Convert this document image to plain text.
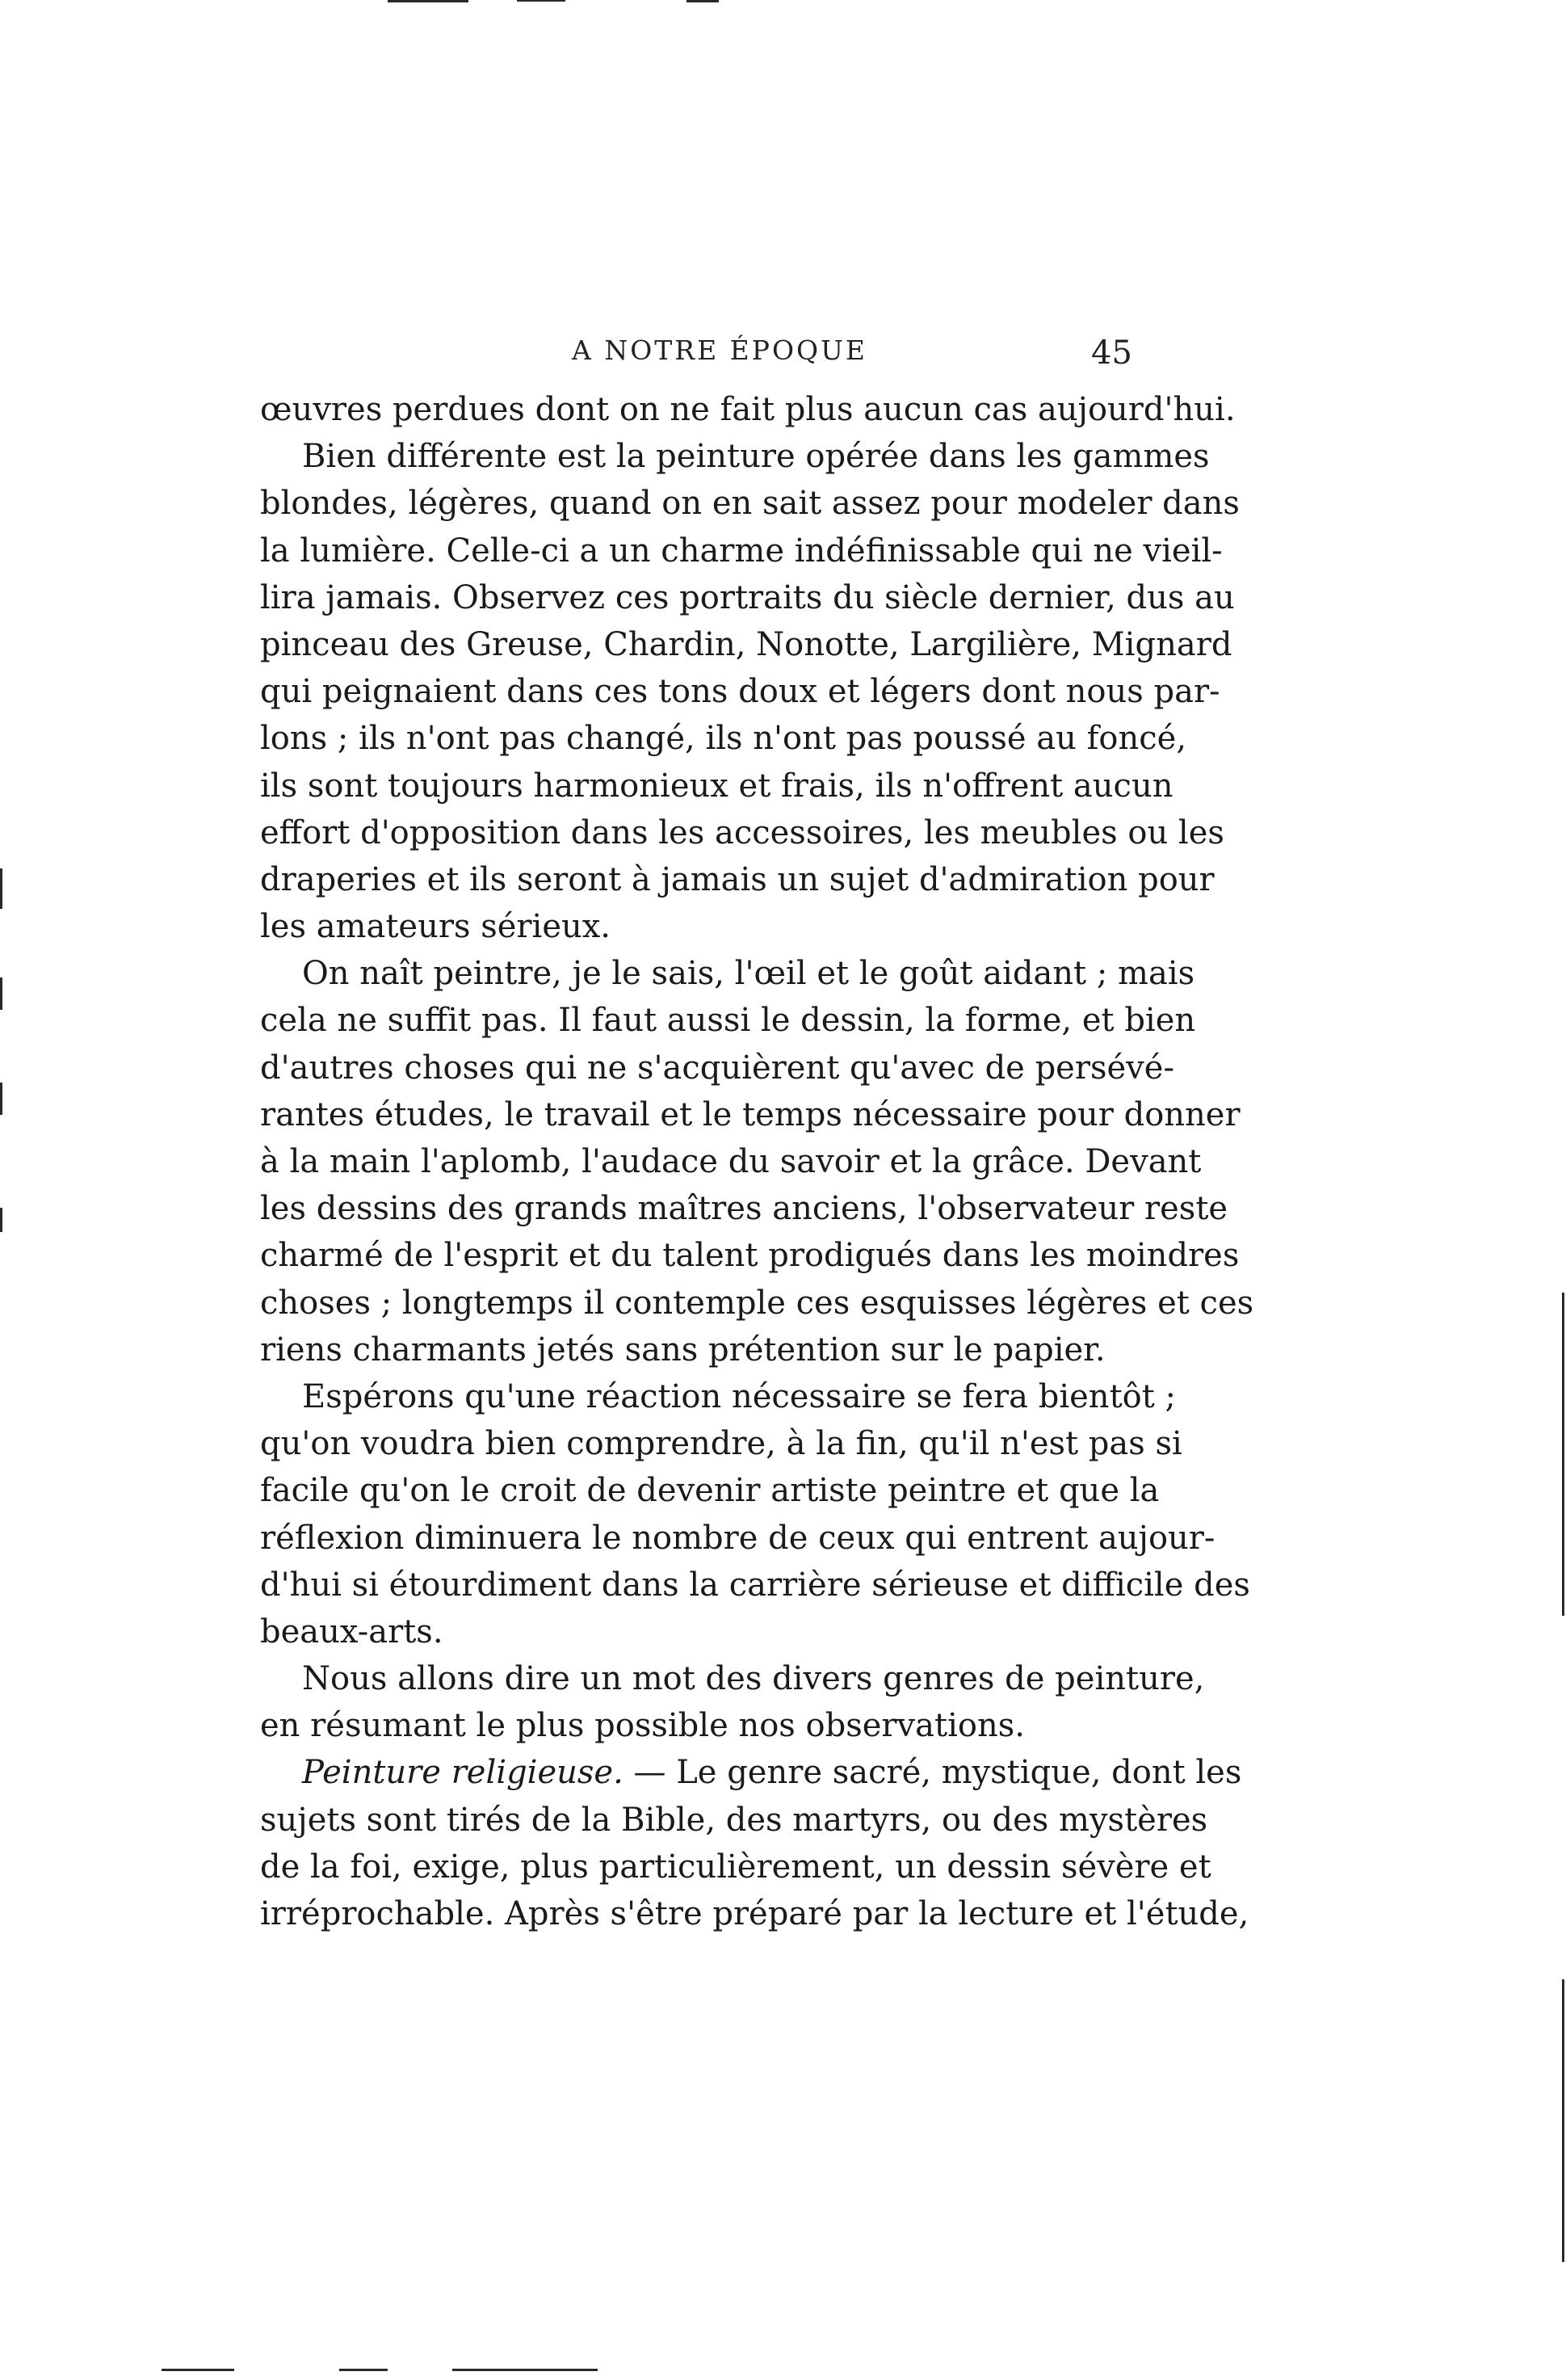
A NOTRE ÉPOQUE	45
œuvres perdues dont on ne fait plus aucun cas aujourd'hui.
Bien différente est la peinture opérée dans les gammes
blondes, légères, quand on en sait assez pour modeler dans
la lumière. Celle-ci a un charme indéfinissable qui ne vieil-
lira jamais. Observez ces portraits du siècle dernier, dus au
pinceau des Greuse, Chardin, Nonotte, Largilière, Mignard
qui peignaient dans ces tons doux et légers dont nous par-
lons ; ils n'ont pas changé, ils n'ont pas poussé au foncé,
ils sont toujours harmonieux et frais, ils n'offrent aucun
effort d'opposition dans les accessoires, les meubles ou les
draperies et ils seront à jamais un sujet d'admiration pour
les amateurs sérieux.
On naît peintre, je le sais, l'œil et le goût aidant ; mais
cela ne suffit pas. Il faut aussi le dessin, la forme, et bien
d'autres choses qui ne s'acquièrent qu'avec de persévé-
rantes études, le travail et le temps nécessaire pour donner
à la main l'aplomb, l'audace du savoir et la grâce. Devant
les dessins des grands maîtres anciens, l'observateur reste
charmé de l'esprit et du talent prodigués dans les moindres
choses ; longtemps il contemple ces esquisses légères et ces
riens charmants jetés sans prétention sur le papier.
Espérons qu'une réaction nécessaire se fera bientôt ;
qu'on voudra bien comprendre, à la fin, qu'il n'est pas si
facile qu'on le croit de devenir artiste peintre et que la
réflexion diminuera le nombre de ceux qui entrent aujour-
d'hui si étourdiment dans la carrière sérieuse et difficile des
beaux-arts.
Nous allons dire un mot des divers genres de peinture,
en résumant le plus possible nos observations.
Peinture religieuse. — Le genre sacré, mystique, dont les
sujets sont tirés de la Bible, des martyrs, ou des mystères
de la foi, exige, plus particulièrement, un dessin sévère et
irréprochable. Après s'être préparé par la lecture et l'étude,
